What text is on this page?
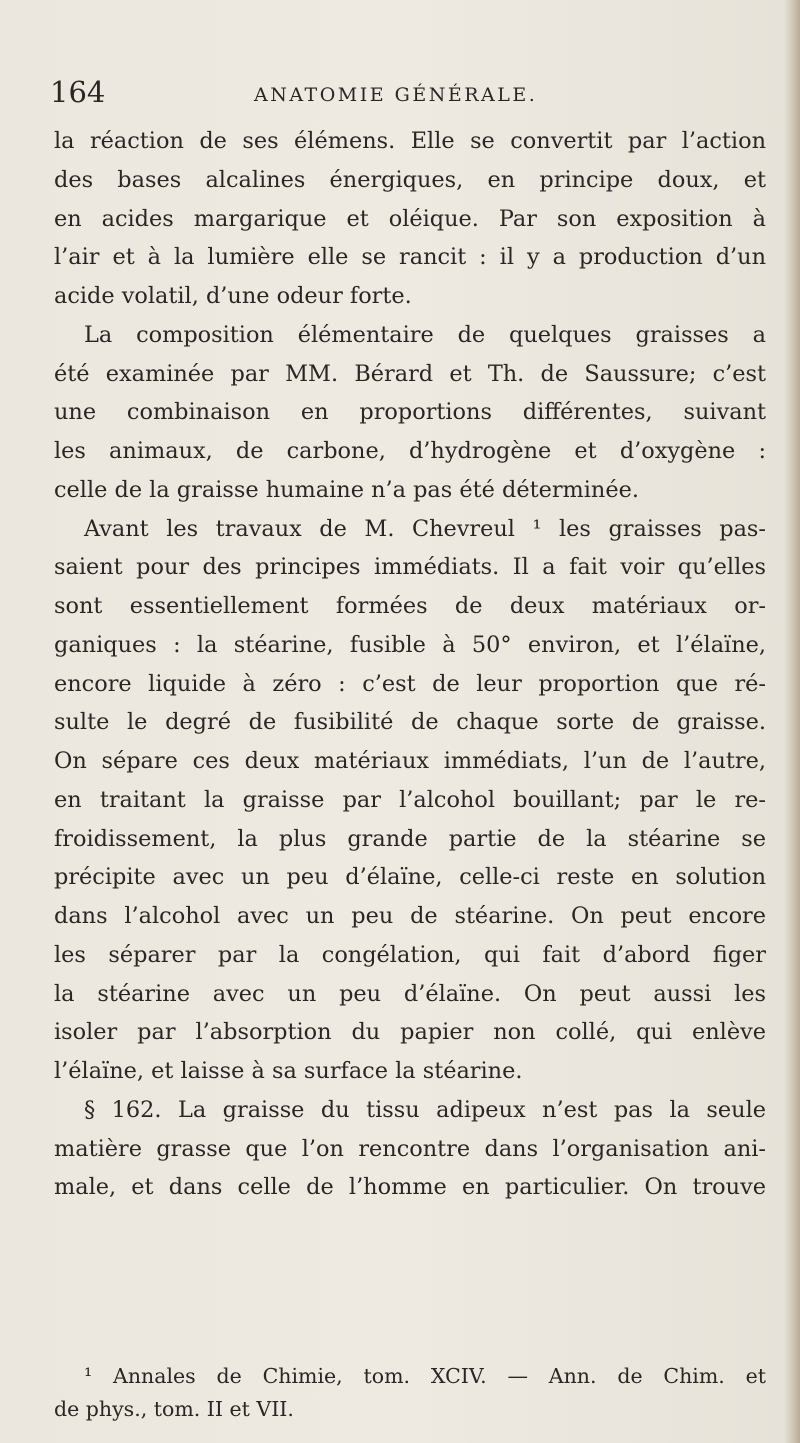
164	ANATOMIE GÉNÉRALE.
la réaction de ses élémens. Elle se convertit par l’action
des bases alcalines énergiques, en principe doux, et
en acides margarique et oléique. Par son exposition à
l’air et à la lumière elle se rancit : il y a production d’un
acide volatil, d’une odeur forte.
La composition élémentaire de quelques graisses a
été examinée par MM. Bérard et Th. de Saussure; c’est
une combinaison en proportions différentes, suivant
les animaux, de carbone, d’hydrogène et d’oxygène :
celle de la graisse humaine n’a pas été déterminée.
Avant les travaux de M. Chevreul ¹ les graisses pas-
saient pour des principes immédiats. Il a fait voir qu’elles
sont essentiellement formées de deux matériaux or-
ganiques : la stéarine, fusible à 50° environ, et l’élaïne,
encore liquide à zéro : c’est de leur proportion que ré-
sulte le degré de fusibilité de chaque sorte de graisse.
On sépare ces deux matériaux immédiats, l’un de l’autre,
en traitant la graisse par l’alcohol bouillant; par le re-
froidissement, la plus grande partie de la stéarine se
précipite avec un peu d’élaïne, celle-ci reste en solution
dans l’alcohol avec un peu de stéarine. On peut encore
les séparer par la congélation, qui fait d’abord figer
la stéarine avec un peu d’élaïne. On peut aussi les
isoler par l’absorption du papier non collé, qui enlève
l’élaïne, et laisse à sa surface la stéarine.
§ 162. La graisse du tissu adipeux n’est pas la seule
matière grasse que l’on rencontre dans l’organisation ani-
male, et dans celle de l’homme en particulier. On trouve
¹ Annales de Chimie, tom. XCIV. — Ann. de Chim. et
de phys., tom. II et VII.
